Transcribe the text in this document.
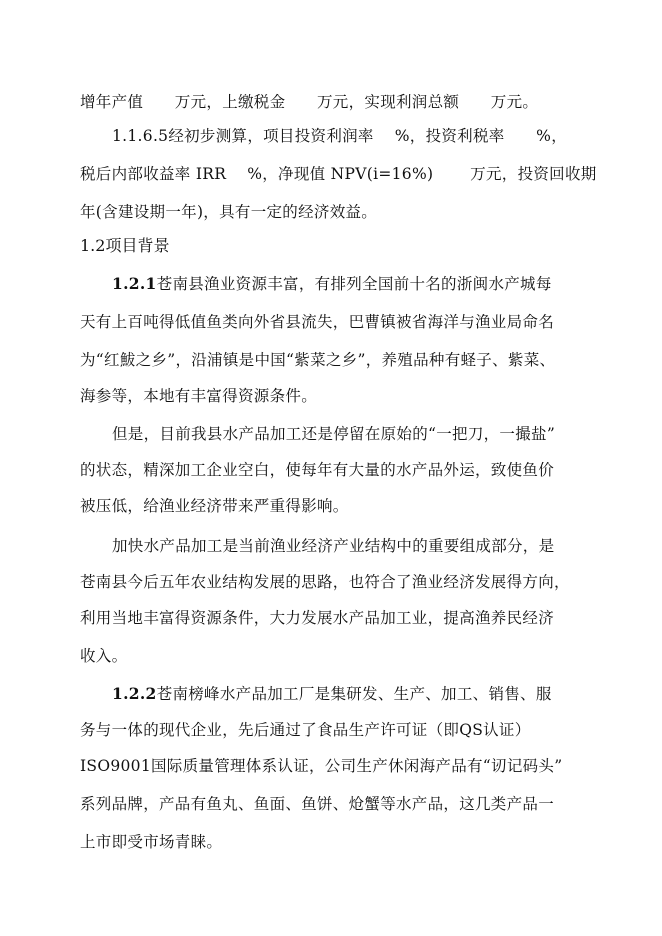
增年产值　　万元，上缴税金　　万元，实现利润总额　　万元。
1.1.6.5经初步测算，项目投资利润率　 %，投资利税率　　%，
税后内部收益率 IRR　 %，净现值 NPV(i=16%)　　 万元，投资回收期
年(含建设期一年)，具有一定的经济效益。
1.2项目背景
1.2.1苍南县渔业资源丰富，有排列全国前十名的浙闽水产城每
天有上百吨得低值鱼类向外省县流失，巴曹镇被省海洋与渔业局命名
为“红鮁之乡”，沿浦镇是中国“紫菜之乡”，养殖品种有蛏子、紫菜、
海参等，本地有丰富得资源条件。
但是，目前我县水产品加工还是停留在原始的“一把刀，一撮盐”
的状态，精深加工企业空白，使每年有大量的水产品外运，致使鱼价
被压低，给渔业经济带来严重得影响。
加快水产品加工是当前渔业经济产业结构中的重要组成部分，是
苍南县今后五年农业结构发展的思路，也符合了渔业经济发展得方向，
利用当地丰富得资源条件，大力发展水产品加工业，提高渔养民经济
收入。
1.2.2苍南榜峰水产品加工厂是集研发、生产、加工、销售、服
务与一体的现代企业，先后通过了食品生产许可证（即QS认证）
ISO9001国际质量管理体系认证，公司生产休闲海产品有“讱记码头”
系列品牌，产品有鱼丸、鱼面、鱼饼、炝蟹等水产品，这几类产品一
上市即受市场青睐。
